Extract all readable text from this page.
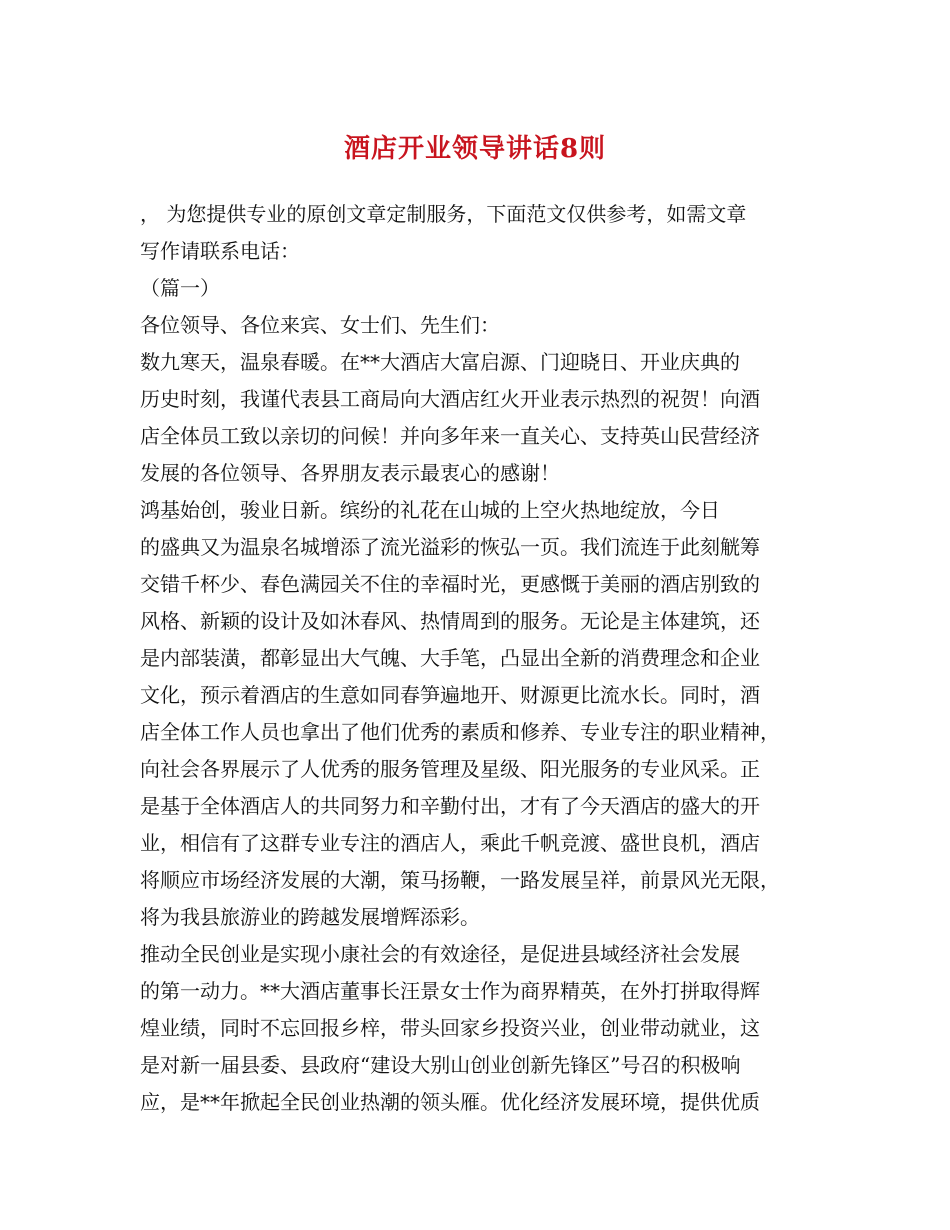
酒店开业领导讲话8则
， 为您提供专业的原创文章定制服务，下面范文仅供参考，如需文章
写作请联系电话：
（篇一）
各位领导、各位来宾、女士们、先生们：
数九寒天，温泉春暖。在**大酒店大富启源、门迎晓日、开业庆典的
历史时刻，我谨代表县工商局向大酒店红火开业表示热烈的祝贺！向酒
店全体员工致以亲切的问候！并向多年来一直关心、支持英山民营经济
发展的各位领导、各界朋友表示最衷心的感谢！
鸿基始创，骏业日新。缤纷的礼花在山城的上空火热地绽放，今日
的盛典又为温泉名城增添了流光溢彩的恢弘一页。我们流连于此刻觥筹
交错千杯少、春色满园关不住的幸福时光，更感慨于美丽的酒店别致的
风格、新颖的设计及如沐春风、热情周到的服务。无论是主体建筑，还
是内部装潢，都彰显出大气魄、大手笔，凸显出全新的消费理念和企业
文化，预示着酒店的生意如同春笋遍地开、财源更比流水长。同时，酒
店全体工作人员也拿出了他们优秀的素质和修养、专业专注的职业精神，
向社会各界展示了人优秀的服务管理及星级、阳光服务的专业风采。正
是基于全体酒店人的共同努力和辛勤付出，才有了今天酒店的盛大的开
业，相信有了这群专业专注的酒店人，乘此千帆竞渡、盛世良机，酒店
将顺应市场经济发展的大潮，策马扬鞭，一路发展呈祥，前景风光无限，
将为我县旅游业的跨越发展增辉添彩。
推动全民创业是实现小康社会的有效途径，是促进县域经济社会发展
的第一动力。**大酒店董事长汪景女士作为商界精英，在外打拼取得辉
煌业绩，同时不忘回报乡梓，带头回家乡投资兴业，创业带动就业，这
是对新一届县委、县政府“建设大别山创业创新先锋区”号召的积极响
应，是**年掀起全民创业热潮的领头雁。优化经济发展环境，提供优质
